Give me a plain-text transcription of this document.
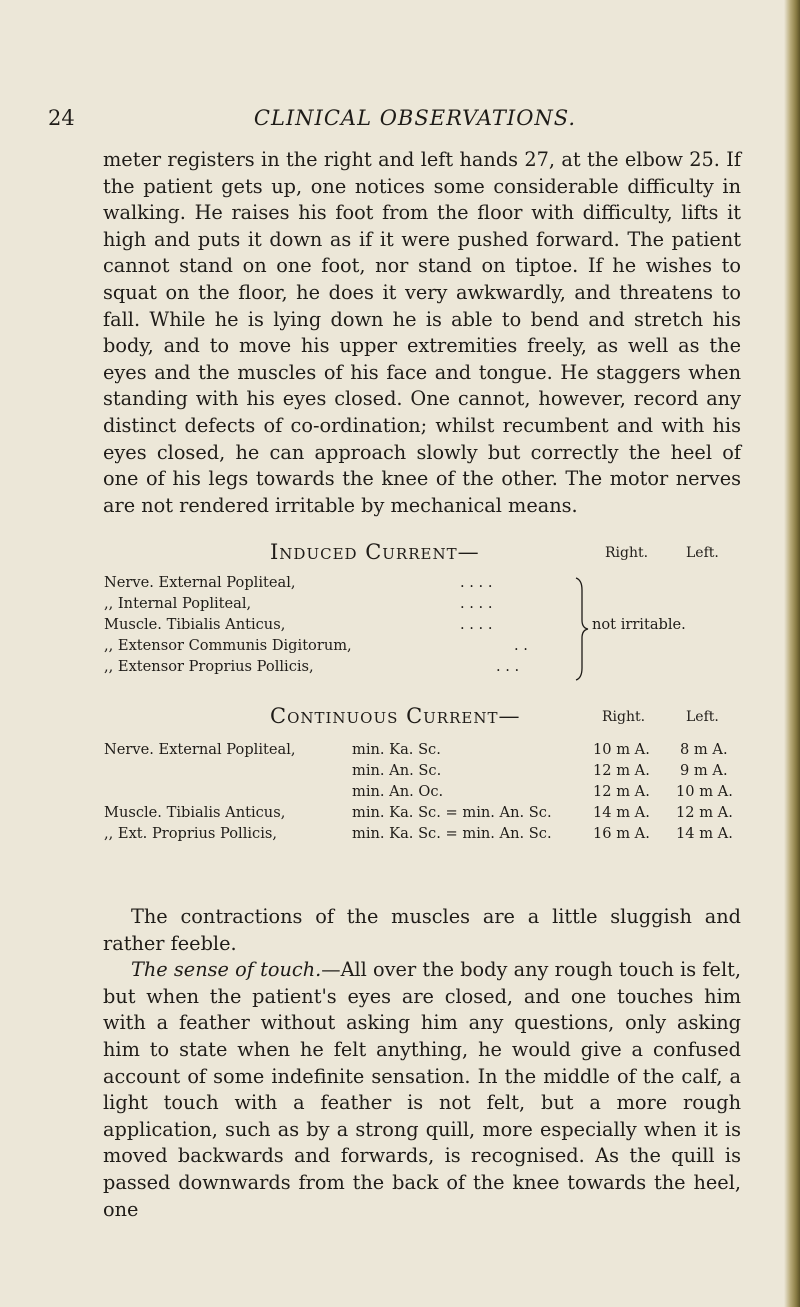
24	CLINICAL OBSERVATIONS.

meter registers in the right and left hands 27, at the elbow 25. If the patient gets up, one notices some considerable difficulty in walking. He raises his foot from the floor with difficulty, lifts it high and puts it down as if it were pushed forward. The patient cannot stand on one foot, nor stand on tiptoe. If he wishes to squat on the floor, he does it very awkwardly, and threatens to fall. While he is lying down he is able to bend and stretch his body, and to move his upper extremities freely, as well as the eyes and the muscles of his face and tongue. He staggers when standing with his eyes closed. One cannot, however, record any distinct defects of co-ordination; whilst recumbent and with his eyes closed, he can approach slowly but correctly the heel of one of his legs towards the knee of the other. The motor nerves are not rendered irritable by mechanical means.

Induced Current—	Right.	Left.
Nerve. External Popliteal,	. . . .
,, Internal Popliteal,	. . . .
Muscle. Tibialis Anticus,	. . . .
,, Extensor Communis Digitorum,	. .
,, Extensor Proprius Pollicis,	. . .
not irritable.
Continuous Current—	Right.	Left.
Nerve. External Popliteal,	min. Ka. Sc.	10 m A. 8 m A.
min. An. Sc.	12 m A. 9 m A.
min. An. Oc.	12 m A. 10 m A.
Muscle. Tibialis Anticus,	min. Ka. Sc. = min. An. Sc.	14 m A. 12 m A.
,, Ext. Proprius Pollicis,	min. Ka. Sc. = min. An. Sc.	16 m A. 14 m A.

The contractions of the muscles are a little sluggish and rather feeble.

The sense of touch.—All over the body any rough touch is felt, but when the patient's eyes are closed, and one touches him with a feather without asking him any questions, only asking him to state when he felt anything, he would give a confused account of some indefinite sensation. In the middle of the calf, a light touch with a feather is not felt, but a more rough application, such as by a strong quill, more especially when it is moved backwards and forwards, is recognised. As the quill is passed downwards from the back of the knee towards the heel, one
